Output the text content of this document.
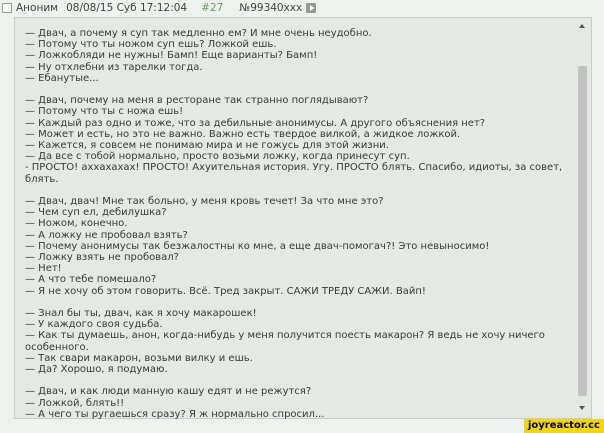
Аноним 08/08/15 Суб 17:12:04 #27 №99340xxx
— Двач, а почему я суп так медленно ем? И мне очень неудобно.
— Потому что ты ножом суп ешь? Ложкой ешь.
— Ложкобляди не нужны! Бамп! Еще варианты? Бамп!
— Ну отхлебни из тарелки тогда.
— Ебанутые...
— Двач, почему на меня в ресторане так странно поглядывают?
— Потому что ты с ножа ешь!
— Каждый раз одно и тоже, что за дебильные анонимусы. А другого объяснения нет?
— Может и есть, но это не важно. Важно есть твердое вилкой, а жидкое ложкой.
— Кажется, я совсем не понимаю мира и не гожусь для этой жизни.
— Да все с тобой нормально, просто возьми ложку, когда принесут суп.
- ПРОСТО! аххахахах! ПРОСТО! Ахуительная история. Угу. ПРОСТО блять. Спасибо, идиоты, за совет,
блять.
— Двач, двач! Мне так больно, у меня кровь течет! За что мне это?
— Чем суп ел, дебилушка?
— Ножом, конечно.
— А ложку не пробовал взять?
— Почему анонимусы так безжалостны ко мне, а еще двач-помогач?! Это невыносимо!
— Ложку взять не пробовал?
— Нет!
— А что тебе помешало?
— Я не хочу об этом говорить. Всё. Тред закрыт. САЖИ ТРЕДУ САЖИ. Вайп!
— Знал бы ты, двач, как я хочу макарошек!
— У каждого своя судьба.
— Как ты думаешь, анон, когда-нибудь у меня получится поесть макарон? Я ведь не хочу ничего
особенного.
— Так свари макарон, возьми вилку и ешь.
— Да? Хорошо, я подумаю.
— Двач, и как люди манную кашу едят и не режутся?
— Ложкой, блять!!
— А чего ты ругаешься сразу? Я ж нормально спросил...
joyreactor.cc
